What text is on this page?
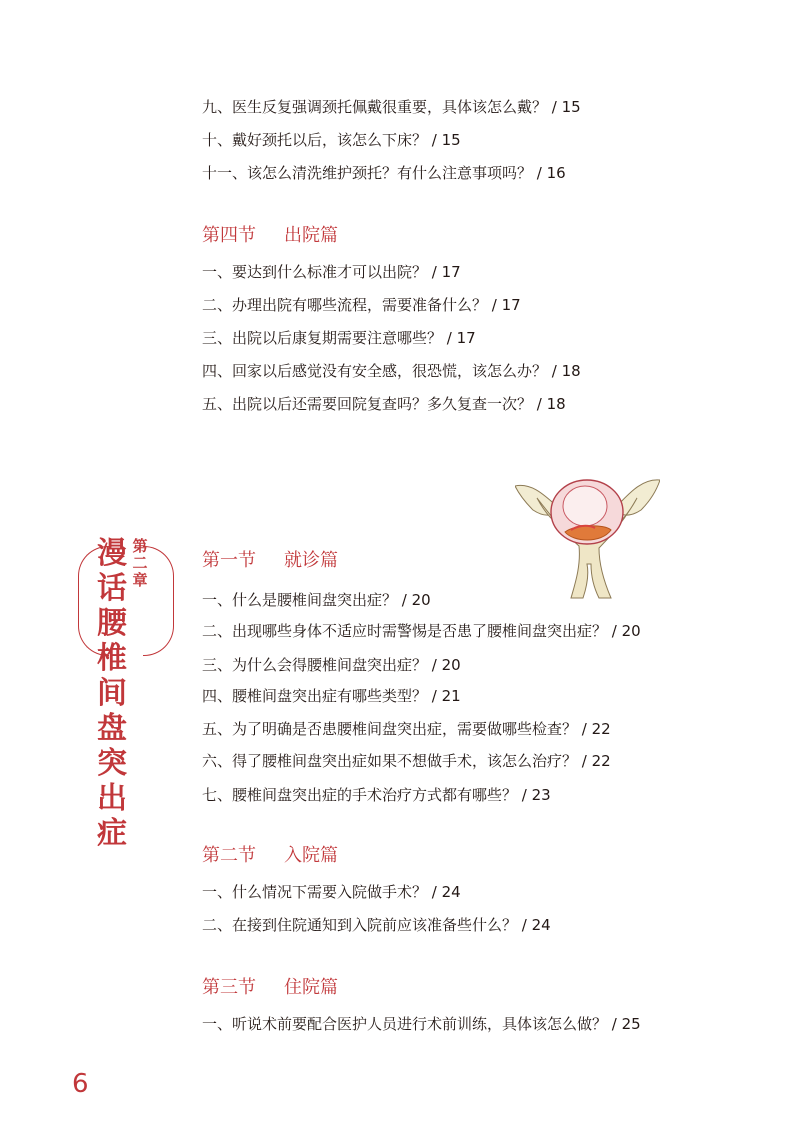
九、医生反复强调颈托佩戴很重要，具体该怎么戴？ / 15

十、戴好颈托以后，该怎么下床？ / 15

十一、该怎么清洗维护颈托？有什么注意事项吗？ / 16

第四节 出院篇

一、要达到什么标准才可以出院？ / 17

二、办理出院有哪些流程，需要准备什么？ / 17

三、出院以后康复期需要注意哪些？ / 17

四、回家以后感觉没有安全感，很恐慌，该怎么办？ / 18

五、出院以后还需要回院复查吗？多久复查一次？ / 18

漫话腰椎间盘突出症
第二章
第一节 就诊篇

一、什么是腰椎间盘突出症？ / 20

二、出现哪些身体不适应时需警惕是否患了腰椎间盘突出症？ / 20

三、为什么会得腰椎间盘突出症？ / 20

四、腰椎间盘突出症有哪些类型？ / 21

五、为了明确是否患腰椎间盘突出症，需要做哪些检查？ / 22

六、得了腰椎间盘突出症如果不想做手术，该怎么治疗？ / 22

七、腰椎间盘突出症的手术治疗方式都有哪些？ / 23

第二节 入院篇

一、什么情况下需要入院做手术？ / 24

二、在接到住院通知到入院前应该准备些什么？ / 24

第三节 住院篇

一、听说术前要配合医护人员进行术前训练，具体该怎么做？ / 25

6
